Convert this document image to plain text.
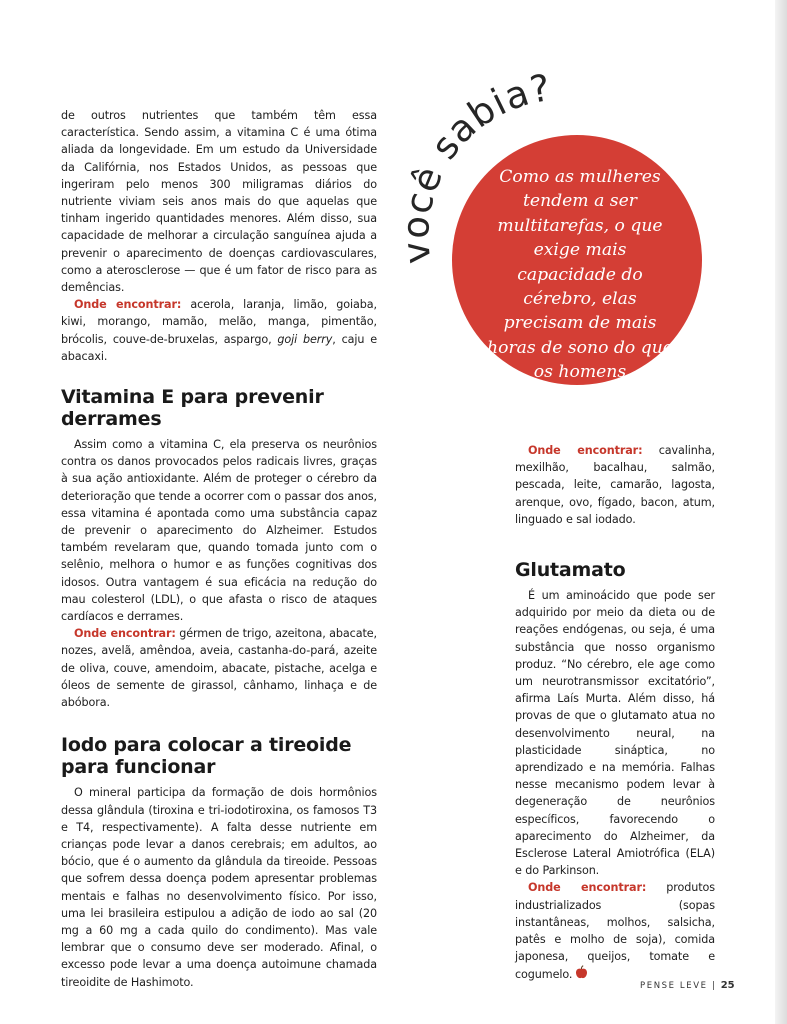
de outros nutrientes que também têm essa característica. Sendo assim, a vitamina C é uma ótima aliada da longevidade. Em um estudo da Universidade da Califórnia, nos Estados Unidos, as pessoas que ingeriram pelo menos 300 miligramas diários do nutriente viviam seis anos mais do que aquelas que tinham ingerido quantidades menores. Além disso, sua capacidade de melhorar a circulação sanguínea ajuda a prevenir o aparecimento de doenças cardiovasculares, como a aterosclerose — que é um fator de risco para as demências.

Onde encontrar: acerola, laranja, limão, goiaba, kiwi, morango, mamão, melão, manga, pimentão, brócolis, couve-de-bruxelas, aspargo, goji berry, caju e abacaxi.

Vitamina E para prevenir derrames

Assim como a vitamina C, ela preserva os neurônios contra os danos provocados pelos radicais livres, graças à sua ação antioxidante. Além de proteger o cérebro da deterioração que tende a ocorrer com o passar dos anos, essa vitamina é apontada como uma substância capaz de prevenir o aparecimento do Alzheimer. Estudos também revelaram que, quando tomada junto com o selênio, melhora o humor e as funções cognitivas dos idosos. Outra vantagem é sua eficácia na redução do mau colesterol (LDL), o que afasta o risco de ataques cardíacos e derrames.

Onde encontrar: gérmen de trigo, azeitona, abacate, nozes, avelã, amêndoa, aveia, castanha-do-pará, azeite de oliva, couve, amendoim, abacate, pistache, acelga e óleos de semente de girassol, cânhamo, linhaça e de abóbora.

Iodo para colocar a tireoide para funcionar

O mineral participa da formação de dois hormônios dessa glândula (tiroxina e tri-iodotiroxina, os famosos T3 e T4, respectivamente). A falta desse nutriente em crianças pode levar a danos cerebrais; em adultos, ao bócio, que é o aumento da glândula da tireoide. Pessoas que sofrem dessa doença podem apresentar problemas mentais e falhas no desenvolvimento físico. Por isso, uma lei brasileira estipulou a adição de iodo ao sal (20 mg a 60 mg a cada quilo do condimento). Mas vale lembrar que o consumo deve ser moderado. Afinal, o excesso pode levar a uma doença autoimune chamada tireoidite de Hashimoto.

Como as mulheres tendem a ser multitarefas, o que exige mais capacidade do cérebro, elas precisam de mais horas de sono do que os homens

você sabia?

Onde encontrar: cavalinha, mexilhão, bacalhau, salmão, pescada, leite, camarão, lagosta, arenque, ovo, fígado, bacon, atum, linguado e sal iodado.

Glutamato

É um aminoácido que pode ser adquirido por meio da dieta ou de reações endógenas, ou seja, é uma substância que nosso organismo produz. “No cérebro, ele age como um neurotransmissor excitatório”, afirma Laís Murta. Além disso, há provas de que o glutamato atua no desenvolvimento neural, na plasticidade sináptica, no aprendizado e na memória. Falhas nesse mecanismo podem levar à degeneração de neurônios específicos, favorecendo o aparecimento do Alzheimer, da Esclerose Lateral Amiotrófica (ELA) e do Parkinson.

Onde encontrar: produtos industrializados (sopas instantâneas, molhos, salsicha, patês e molho de soja), comida japonesa, queijos, tomate e cogumelo.

PENSE LEVE | 25
